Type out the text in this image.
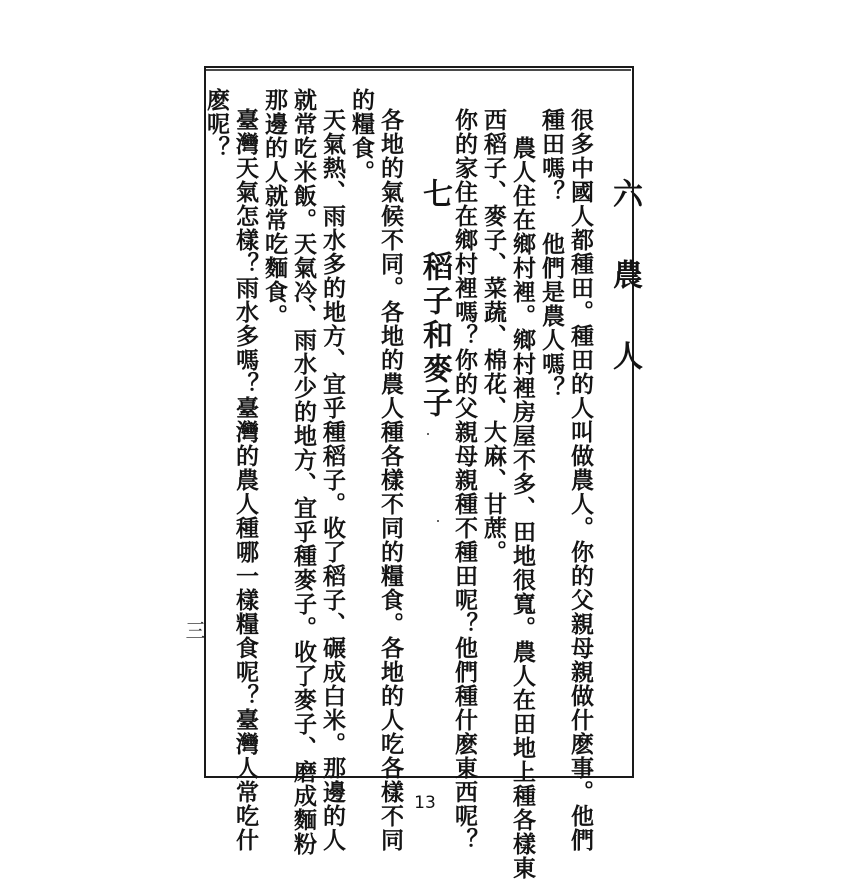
六 農 人
很多中國人都種田。種田的人叫做農人。你的父親母親做什麽事。他們
種田嗎？ 他們是農人嗎？
農人住在鄉村裡。鄉村裡房屋不多、田地很寬。農人在田地上種各樣東
西稻子、麥子、菜蔬、棉花、大麻、甘蔗。
你的家住在鄉村裡嗎？你的父親母親種不種田呢？他們種什麽東西呢？
七 稻子和麥子
各地的氣候不同。各地的農人種各樣不同的糧食。各地的人吃各樣不同
的糧食。
天氣熱、雨水多的地方、宜乎種稻子。收了稻子、碾成白米。那邊的人
就常吃米飯。天氣冷、雨水少的地方、宜乎種麥子。收了麥子、磨成麵粉
那邊的人就常吃麵食。
臺灣天氣怎樣？雨水多嗎？臺灣的農人種哪一樣糧食呢？臺灣人常吃什
麽呢？
三
13
